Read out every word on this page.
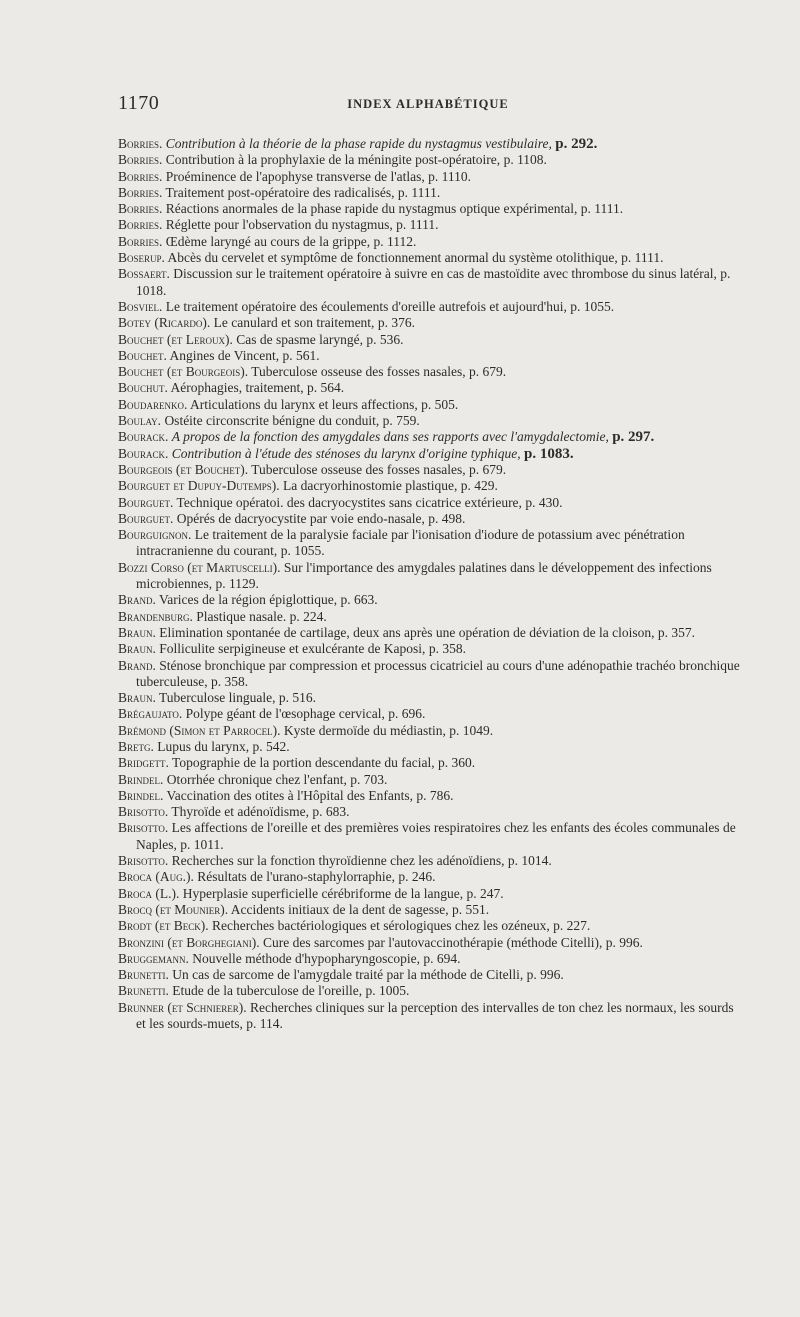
1170	INDEX ALPHABÉTIQUE

Borries. Contribution à la théorie de la phase rapide du nystagmus vestibulaire, p. 292.

Borries. Contribution à la prophylaxie de la méningite post-opératoire, p. 1108.

Borries. Proéminence de l'apophyse transverse de l'atlas, p. 1110.

Borries. Traitement post-opératoire des radicalisés, p. 1111.

Borries. Réactions anormales de la phase rapide du nystagmus optique expérimental, p. 1111.

Borries. Réglette pour l'observation du nystagmus, p. 1111.

Borries. Œdème laryngé au cours de la grippe, p. 1112.

Boserup. Abcès du cervelet et symptôme de fonctionnement anormal du système otolithique, p. 1111.

Bossaert. Discussion sur le traitement opératoire à suivre en cas de mastoïdite avec thrombose du sinus latéral, p. 1018.

Bosviel. Le traitement opératoire des écoulements d'oreille autrefois et aujourd'hui, p. 1055.

Botey (Ricardo). Le canulard et son traitement, p. 376.

Bouchet (et Leroux). Cas de spasme laryngé, p. 536.

Bouchet. Angines de Vincent, p. 561.

Bouchet (et Bourgeois). Tuberculose osseuse des fosses nasales, p. 679.

Bouchut. Aérophagies, traitement, p. 564.

Boudarenko. Articulations du larynx et leurs affections, p. 505.

Boulay. Ostéite circonscrite bénigne du conduit, p. 759.

Bourack. A propos de la fonction des amygdales dans ses rapports avec l'amygdalectomie, p. 297.

Bourack. Contribution à l'étude des sténoses du larynx d'origine typhique, p. 1083.

Bourgeois (et Bouchet). Tuberculose osseuse des fosses nasales, p. 679.

Bourguet et Dupuy-Dutemps). La dacryorhinostomie plastique, p. 429.

Bourguet. Technique opératoi. des dacryocystites sans cicatrice extérieure, p. 430.

Bourguet. Opérés de dacryocystite par voie endo-nasale, p. 498.

Bourguignon. Le traitement de la paralysie faciale par l'ionisation d'iodure de potassium avec pénétration intracranienne du courant, p. 1055.

Bozzi Corso (et Martuscelli). Sur l'importance des amygdales palatines dans le développement des infections microbiennes, p. 1129.

Brand. Varices de la région épiglottique, p. 663.

Brandenburg. Plastique nasale. p. 224.

Braun. Elimination spontanée de cartilage, deux ans après une opération de déviation de la cloison, p. 357.

Braun. Folliculite serpigineuse et exulcérante de Kaposi, p. 358.

Brand. Sténose bronchique par compression et processus cicatriciel au cours d'une adénopathie trachéo bronchique tuberculeuse, p. 358.

Braun. Tuberculose linguale, p. 516.

Brégaujato. Polype géant de l'œsophage cervical, p. 696.

Brémond (Simon et Parrocel). Kyste dermoïde du médiastin, p. 1049.

Bretg. Lupus du larynx, p. 542.

Bridgett. Topographie de la portion descendante du facial, p. 360.

Brindel. Otorrhée chronique chez l'enfant, p. 703.

Brindel. Vaccination des otites à l'Hôpital des Enfants, p. 786.

Brisotto. Thyroïde et adénoïdisme, p. 683.

Brisotto. Les affections de l'oreille et des premières voies respiratoires chez les enfants des écoles communales de Naples, p. 1011.

Brisotto. Recherches sur la fonction thyroïdienne chez les adénoïdiens, p. 1014.

Broca (Aug.). Résultats de l'urano-staphylorraphie, p. 246.

Broca (L.). Hyperplasie superficielle cérébriforme de la langue, p. 247.

Brocq (et Mounier). Accidents initiaux de la dent de sagesse, p. 551.

Brodt (et Beck). Recherches bactériologiques et sérologiques chez les ozéneux, p. 227.

Bronzini (et Borghegiani). Cure des sarcomes par l'autovaccinothérapie (méthode Citelli), p. 996.

Bruggemann. Nouvelle méthode d'hypopharyngoscopie, p. 694.

Brunetti. Un cas de sarcome de l'amygdale traité par la méthode de Citelli, p. 996.

Brunetti. Etude de la tuberculose de l'oreille, p. 1005.

Brunner (et Schnierer). Recherches cliniques sur la perception des intervalles de ton chez les normaux, les sourds et les sourds-muets, p. 114.
